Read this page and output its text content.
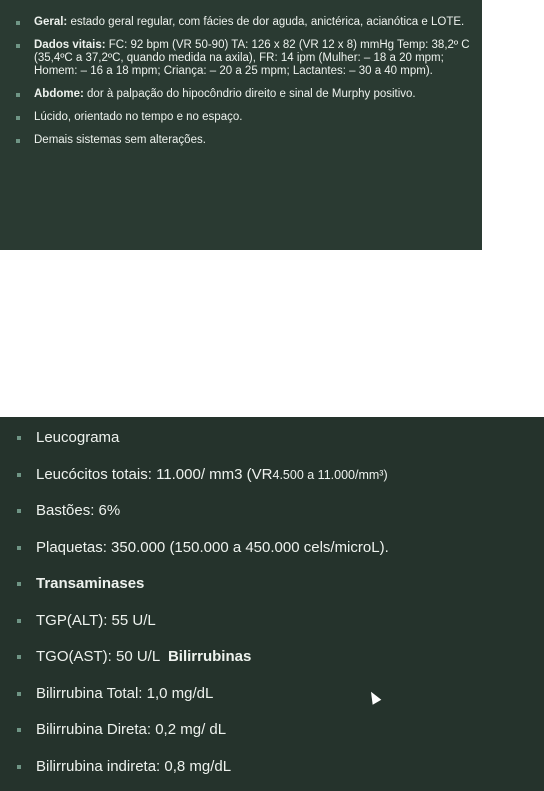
Geral: estado geral regular, com fácies de dor aguda, anictérica, acianótica e LOTE.
Dados vitais: FC: 92 bpm (VR 50-90) TA: 126 x 82 (VR 12 x 8) mmHg Temp: 38,2º C (35,4ºC a 37,2ºC, quando medida na axila), FR: 14 ipm (Mulher: – 18 a 20 mpm; Homem: – 16 a 18 mpm; Criança: – 20 a 25 mpm; Lactantes: – 30 a 40 mpm).
Abdome: dor à palpação do hipocôndrio direito e sinal de Murphy positivo.
Lúcido, orientado no tempo e no espaço.
Demais sistemas sem alterações.
Leucograma
Leucócitos totais: 11.000/ mm3 (VR4.500 a 11.000/mm³)
Bastões: 6%
Plaquetas: 350.000 (150.000 a 450.000 cels/microL).
Transaminases
TGP(ALT): 55 U/L
TGO(AST): 50 U/L  Bilirrubinas
Bilirrubina Total: 1,0 mg/dL
Bilirrubina Direta: 0,2 mg/ dL
Bilirrubina indireta: 0,8 mg/dL
